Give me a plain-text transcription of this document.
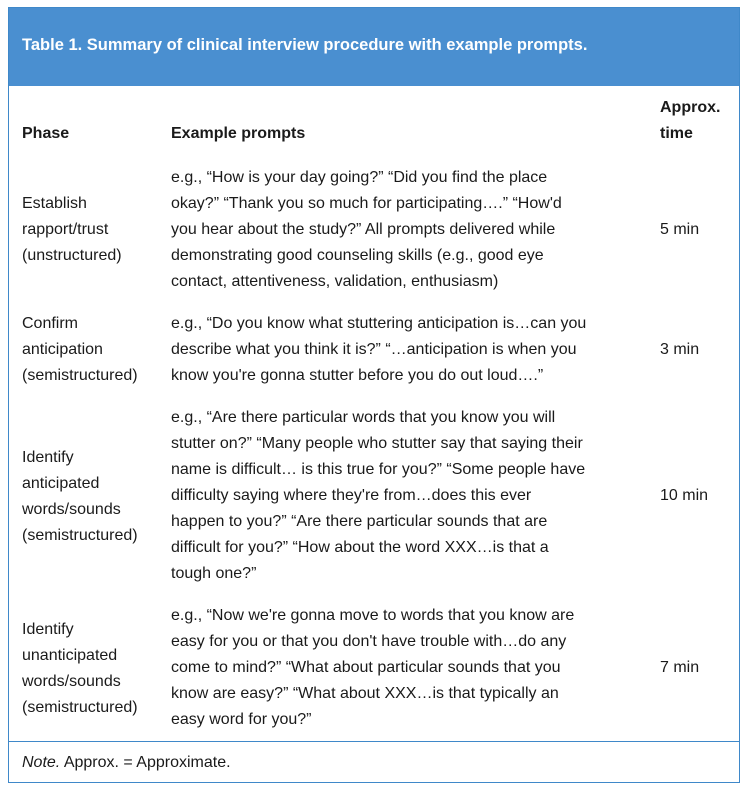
Table 1. Summary of clinical interview procedure with example prompts.
Phase	Example prompts
Approx.
time
Establish
rapport/trust
(unstructured)
e.g., “How is your day going?” “Did you find the place
okay?” “Thank you so much for participating….” “How'd
you hear about the study?” All prompts delivered while
demonstrating good counseling skills (e.g., good eye
contact, attentiveness, validation, enthusiasm)
5 min
Confirm
anticipation
(semistructured)
e.g., “Do you know what stuttering anticipation is…can you
describe what you think it is?” “…anticipation is when you
know you're gonna stutter before you do out loud….”
3 min
Identify
anticipated
words/sounds
(semistructured)
e.g., “Are there particular words that you know you will
stutter on?” “Many people who stutter say that saying their
name is difficult… is this true for you?” “Some people have
difficulty saying where they're from…does this ever
happen to you?” “Are there particular sounds that are
difficult for you?” “How about the word XXX…is that a
tough one?”
10 min
Identify
unanticipated
words/sounds
(semistructured)
e.g., “Now we're gonna move to words that you know are
easy for you or that you don't have trouble with…do any
come to mind?” “What about particular sounds that you
know are easy?” “What about XXX…is that typically an
easy word for you?”
7 min
Note. Approx. = Approximate.
